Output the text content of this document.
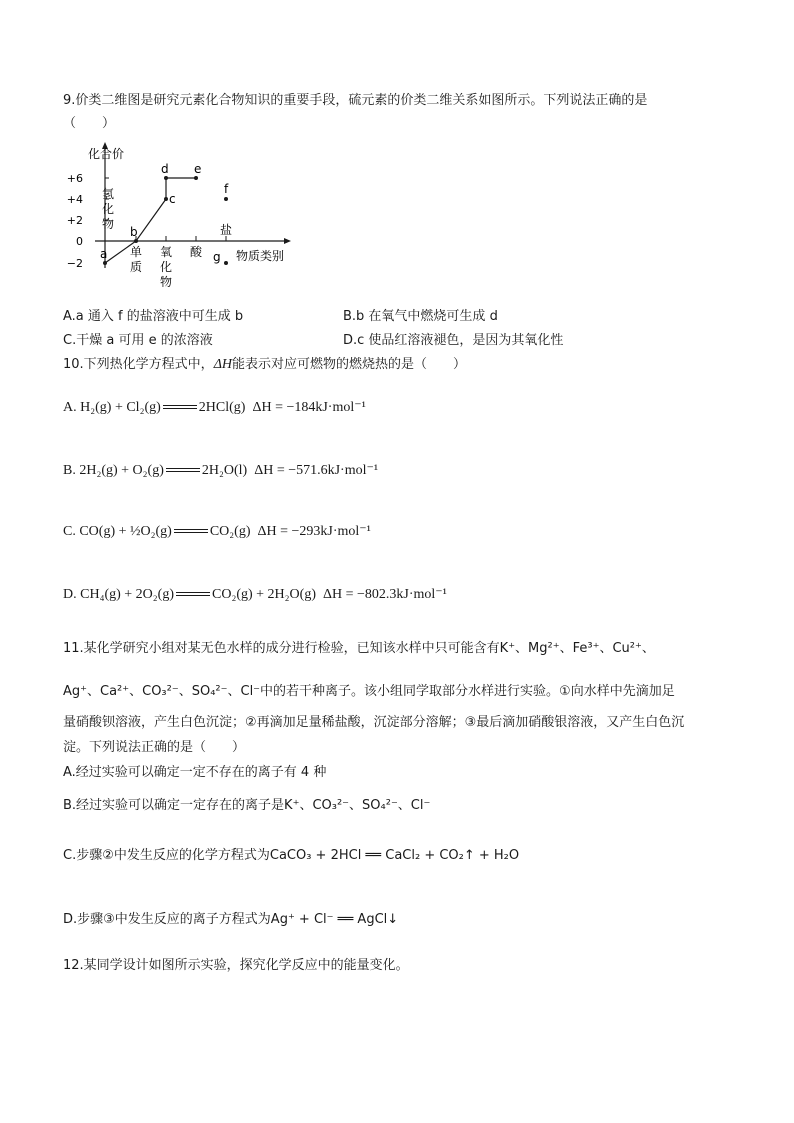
9.价类二维图是研究元素化合物知识的重要手段，硫元素的价类二维关系如图所示。下列说法正确的是
（　　）
化合价
+6
+4
+2
0
−2
氢
化
物
单
质
氧
化
物
酸
盐
物质类别
a
b
c
d e
f
g
A.a 通入 f 的盐溶液中可生成 b	B.b 在氧气中燃烧可生成 d
C.干燥 a 可用 e 的浓溶液	D.c 使品红溶液褪色，是因为其氧化性
10.下列热化学方程式中，ΔH能表示对应可燃物的燃烧热的是（　　）
A. H₂(g) + Cl₂(g)	2HCl(g) ΔH = −184kJ·mol⁻¹
B. 2H₂(g) + O₂(g)	2H₂O(l) ΔH = −571.6kJ·mol⁻¹
C. CO(g) + ½O₂(g)	CO₂(g) ΔH = −293kJ·mol⁻¹
D. CH₄(g) + 2O₂(g)	CO₂(g) + 2H₂O(g) ΔH = −802.3kJ·mol⁻¹
11.某化学研究小组对某无色水样的成分进行检验，已知该水样中只可能含有K⁺、Mg²⁺、Fe³⁺、Cu²⁺、
Ag⁺、Ca²⁺、CO₃²⁻、SO₄²⁻、Cl⁻中的若干种离子。该小组同学取部分水样进行实验。①向水样中先滴加足
量硝酸钡溶液，产生白色沉淀；②再滴加足量稀盐酸，沉淀部分溶解；③最后滴加硝酸银溶液，又产生白色沉
淀。下列说法正确的是（　　）
A.经过实验可以确定一定不存在的离子有 4 种
B.经过实验可以确定一定存在的离子是K⁺、CO₃²⁻、SO₄²⁻、Cl⁻
C.步骤②中发生反应的化学方程式为CaCO₃ + 2HCl ══ CaCl₂ + CO₂↑ + H₂O
D.步骤③中发生反应的离子方程式为Ag⁺ + Cl⁻ ══ AgCl↓
12.某同学设计如图所示实验，探究化学反应中的能量变化。
